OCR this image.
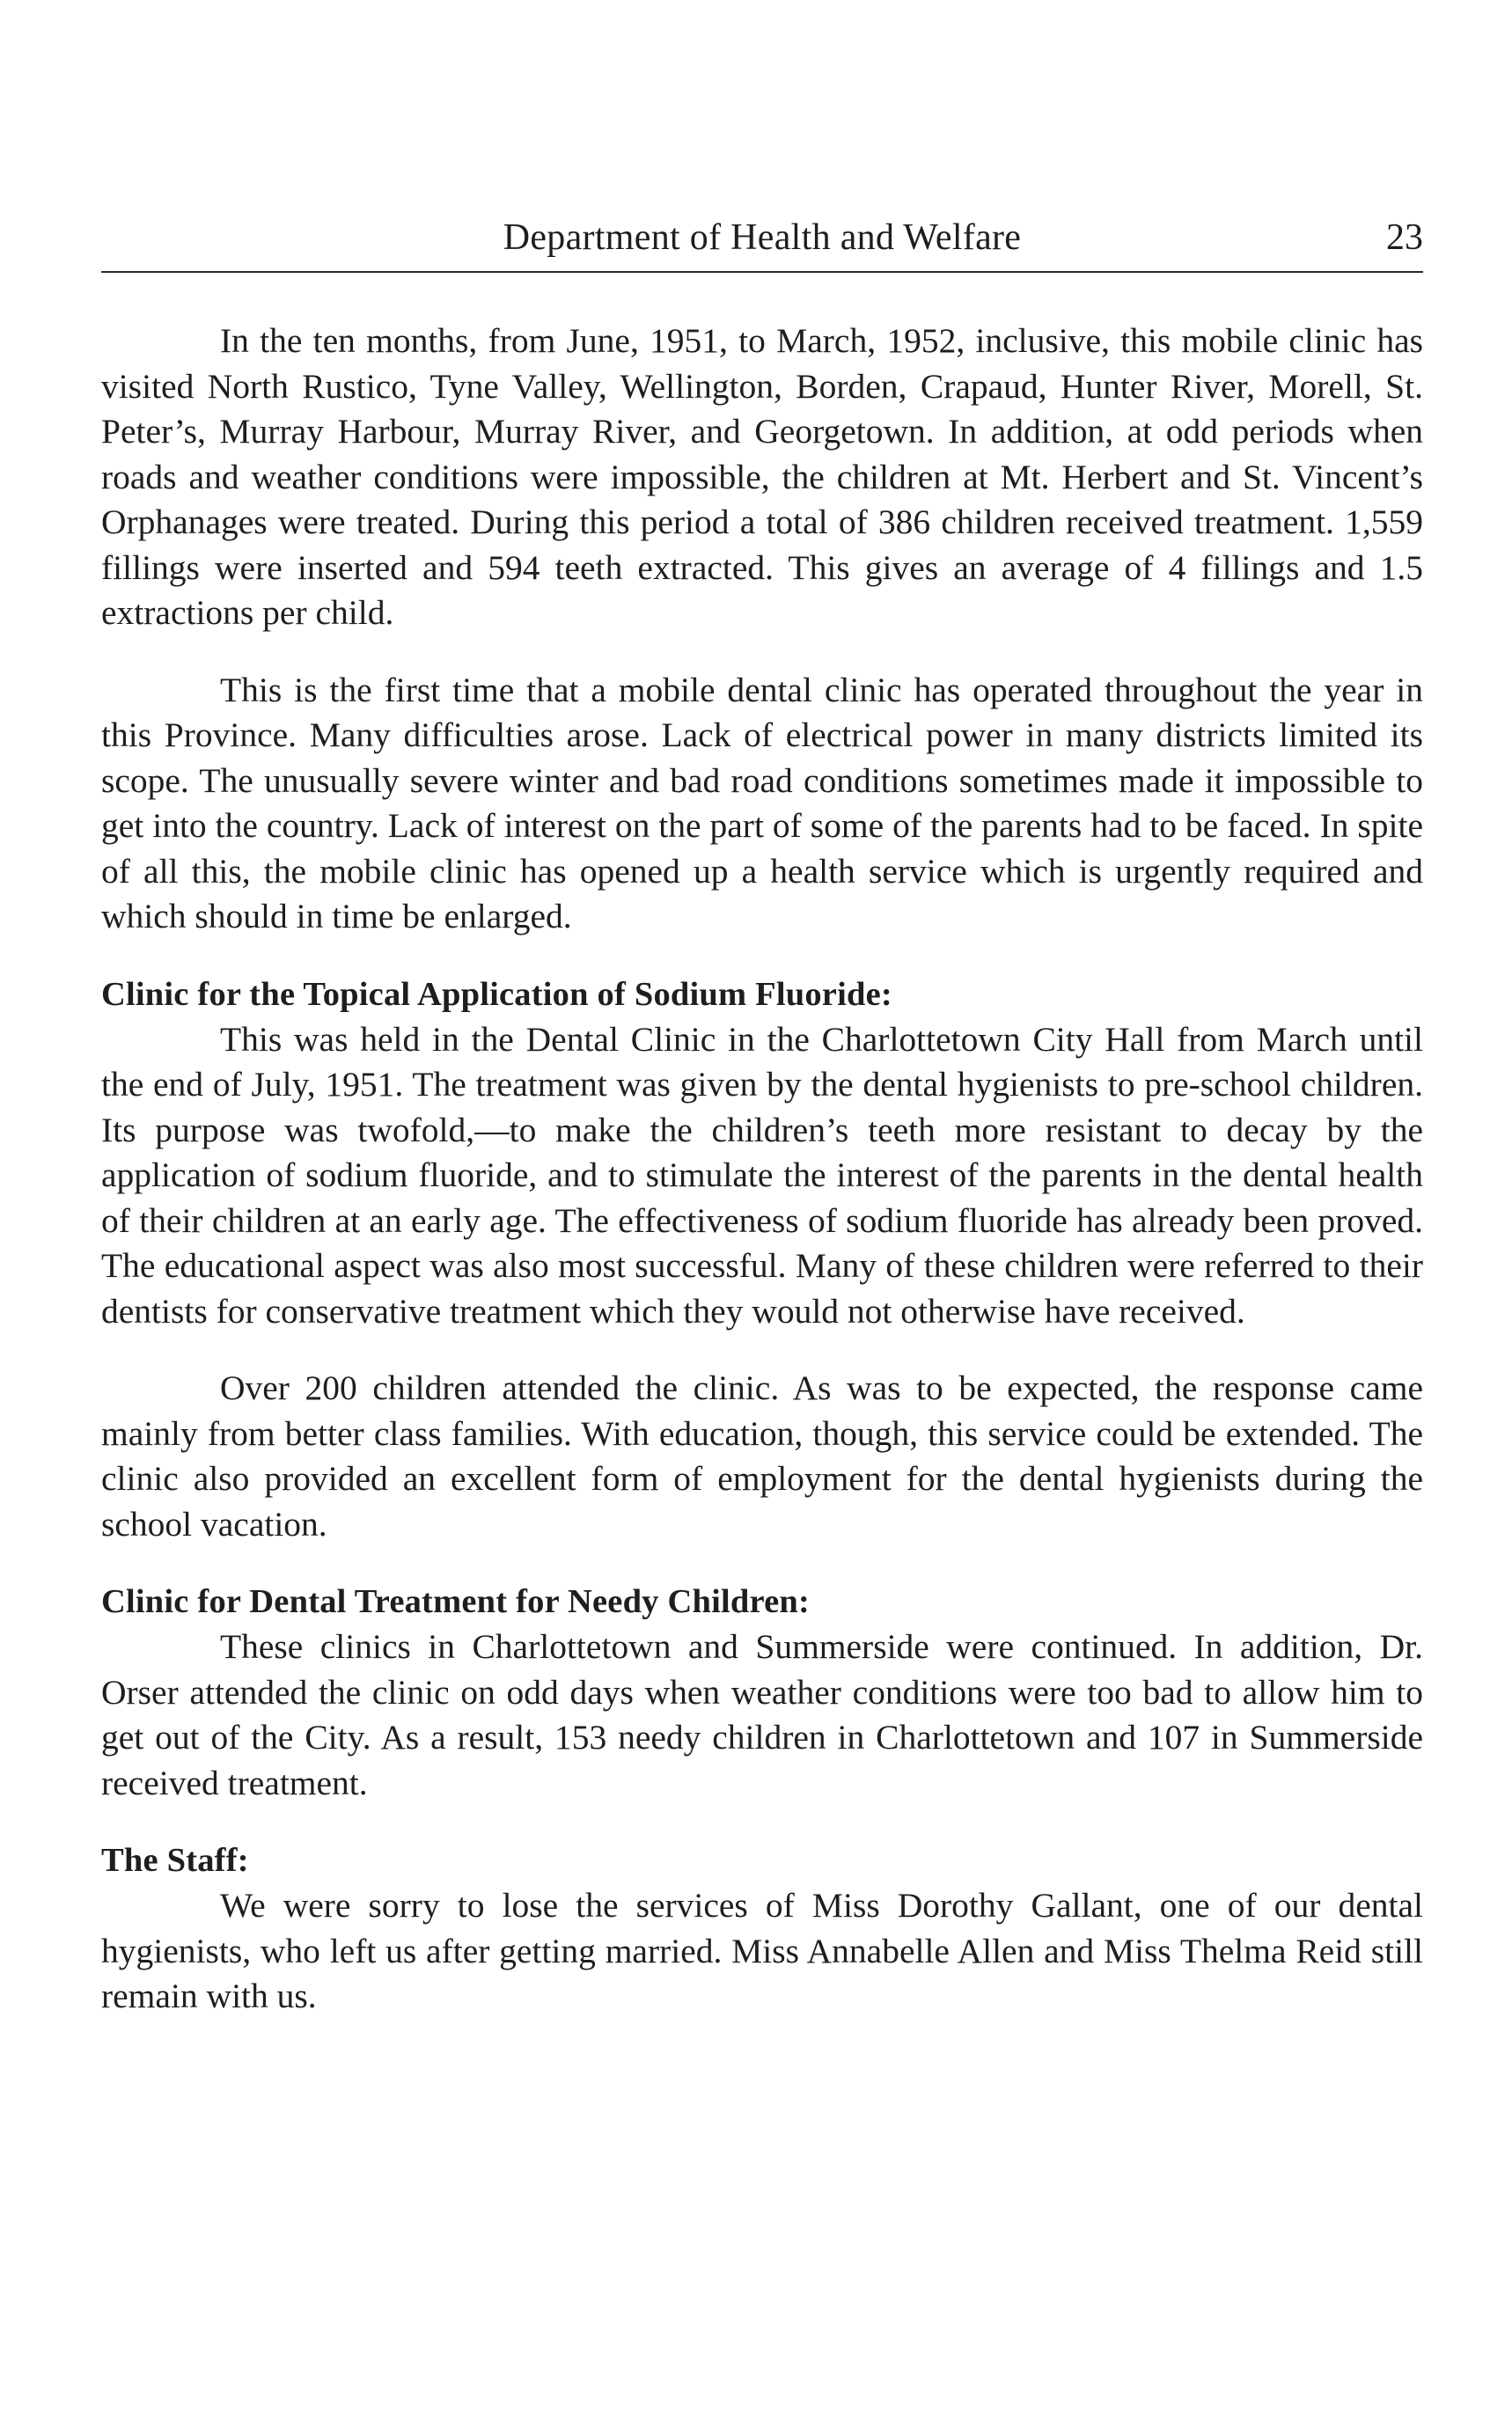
Department of Health and Welfare	23

In the ten months, from June, 1951, to March, 1952, inclusive, this mobile clinic has visited North Rustico, Tyne Valley, Wellington, Borden, Crapaud, Hunter River, Morell, St. Peter’s, Murray Harbour, Murray River, and Georgetown. In addition, at odd periods when roads and weather conditions were impossible, the children at Mt. Herbert and St. Vincent’s Orphanages were treated. During this period a total of 386 children received treatment. 1,559 fillings were inserted and 594 teeth extracted. This gives an average of 4 fillings and 1.5 extractions per child.

This is the first time that a mobile dental clinic has operated throughout the year in this Province. Many difficulties arose. Lack of electrical power in many districts limited its scope. The unusually severe winter and bad road conditions sometimes made it impossible to get into the country. Lack of interest on the part of some of the parents had to be faced. In spite of all this, the mobile clinic has opened up a health service which is urgently required and which should in time be enlarged.

Clinic for the Topical Application of Sodium Fluoride:

This was held in the Dental Clinic in the Charlottetown City Hall from March until the end of July, 1951. The treatment was given by the dental hygienists to pre-school children. Its purpose was twofold,—to make the children’s teeth more resistant to decay by the application of sodium fluoride, and to stimulate the interest of the parents in the dental health of their children at an early age. The effectiveness of sodium fluoride has already been proved. The educational aspect was also most successful. Many of these children were referred to their dentists for conservative treatment which they would not otherwise have received.

Over 200 children attended the clinic. As was to be expected, the response came mainly from better class families. With education, though, this service could be extended. The clinic also provided an excellent form of employment for the dental hygienists during the school vacation.

Clinic for Dental Treatment for Needy Children:

These clinics in Charlottetown and Summerside were continued. In addition, Dr. Orser attended the clinic on odd days when weather conditions were too bad to allow him to get out of the City. As a result, 153 needy children in Charlottetown and 107 in Summerside received treatment.

The Staff:

We were sorry to lose the services of Miss Dorothy Gallant, one of our dental hygienists, who left us after getting married. Miss Annabelle Allen and Miss Thelma Reid still remain with us.
